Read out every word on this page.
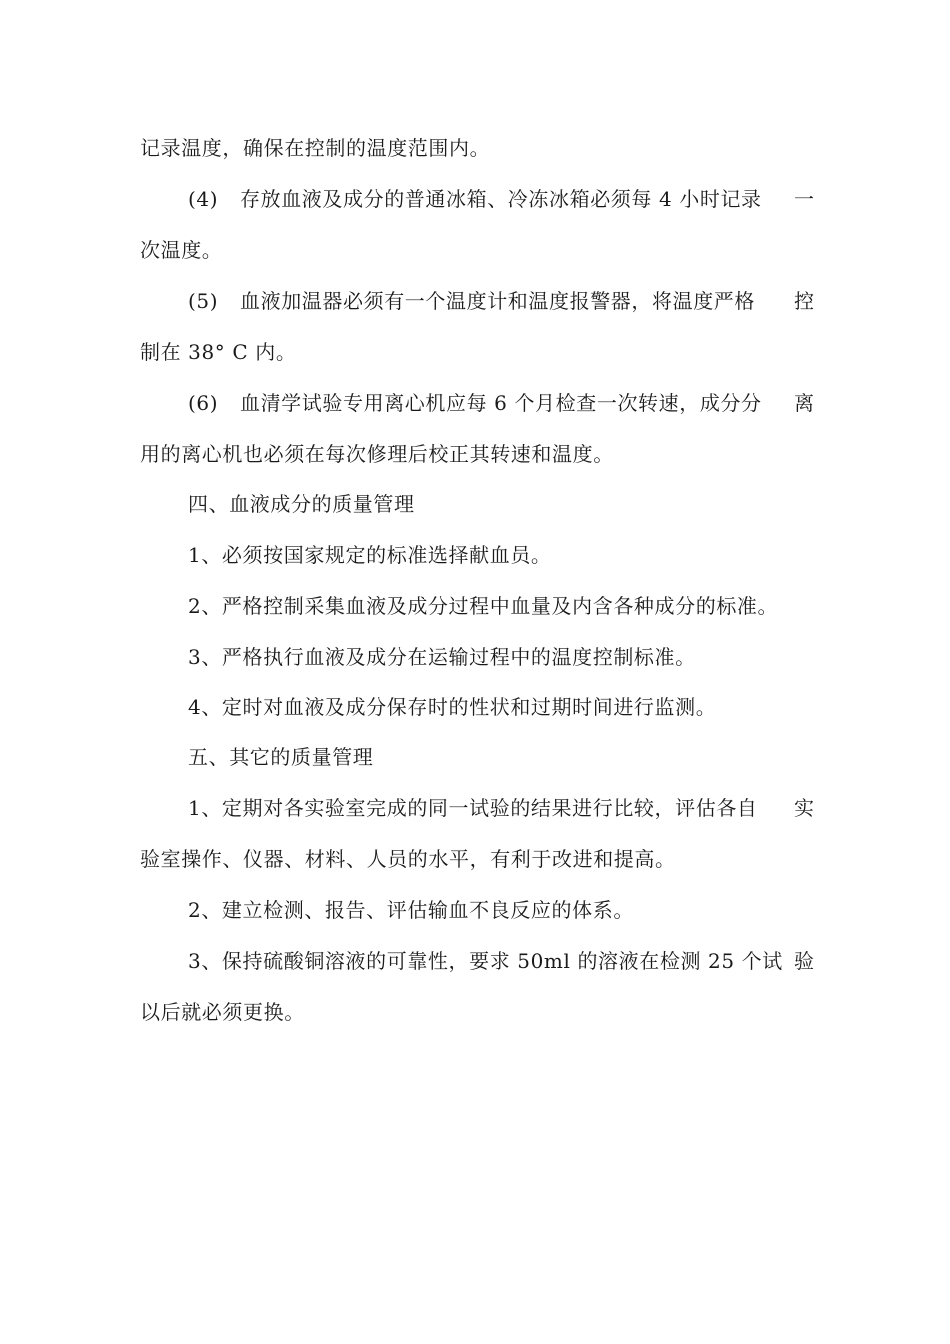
记录温度，确保在控制的温度范围内。
(4) 存放血液及成分的普通冰箱、冷冻冰箱必须每 4 小时记录 一
次温度。
(5) 血液加温器必须有一个温度计和温度报警器，将温度严格 控
制在 38° C 内。
(6) 血清学试验专用离心机应每 6 个月检查一次转速，成分分 离
用的离心机也必须在每次修理后校正其转速和温度。
四、血液成分的质量管理
1、必须按国家规定的标准选择献血员。
2、严格控制采集血液及成分过程中血量及内含各种成分的标准。
3、严格执行血液及成分在运输过程中的温度控制标准。
4、定时对血液及成分保存时的性状和过期时间进行监测。
五、其它的质量管理
1、定期对各实验室完成的同一试验的结果进行比较，评估各自 实
验室操作、仪器、材料、人员的水平，有利于改进和提高。
2、建立检测、报告、评估输血不良反应的体系。
3、保持硫酸铜溶液的可靠性，要求 50ml 的溶液在检测 25 个试 验
以后就必须更换。
